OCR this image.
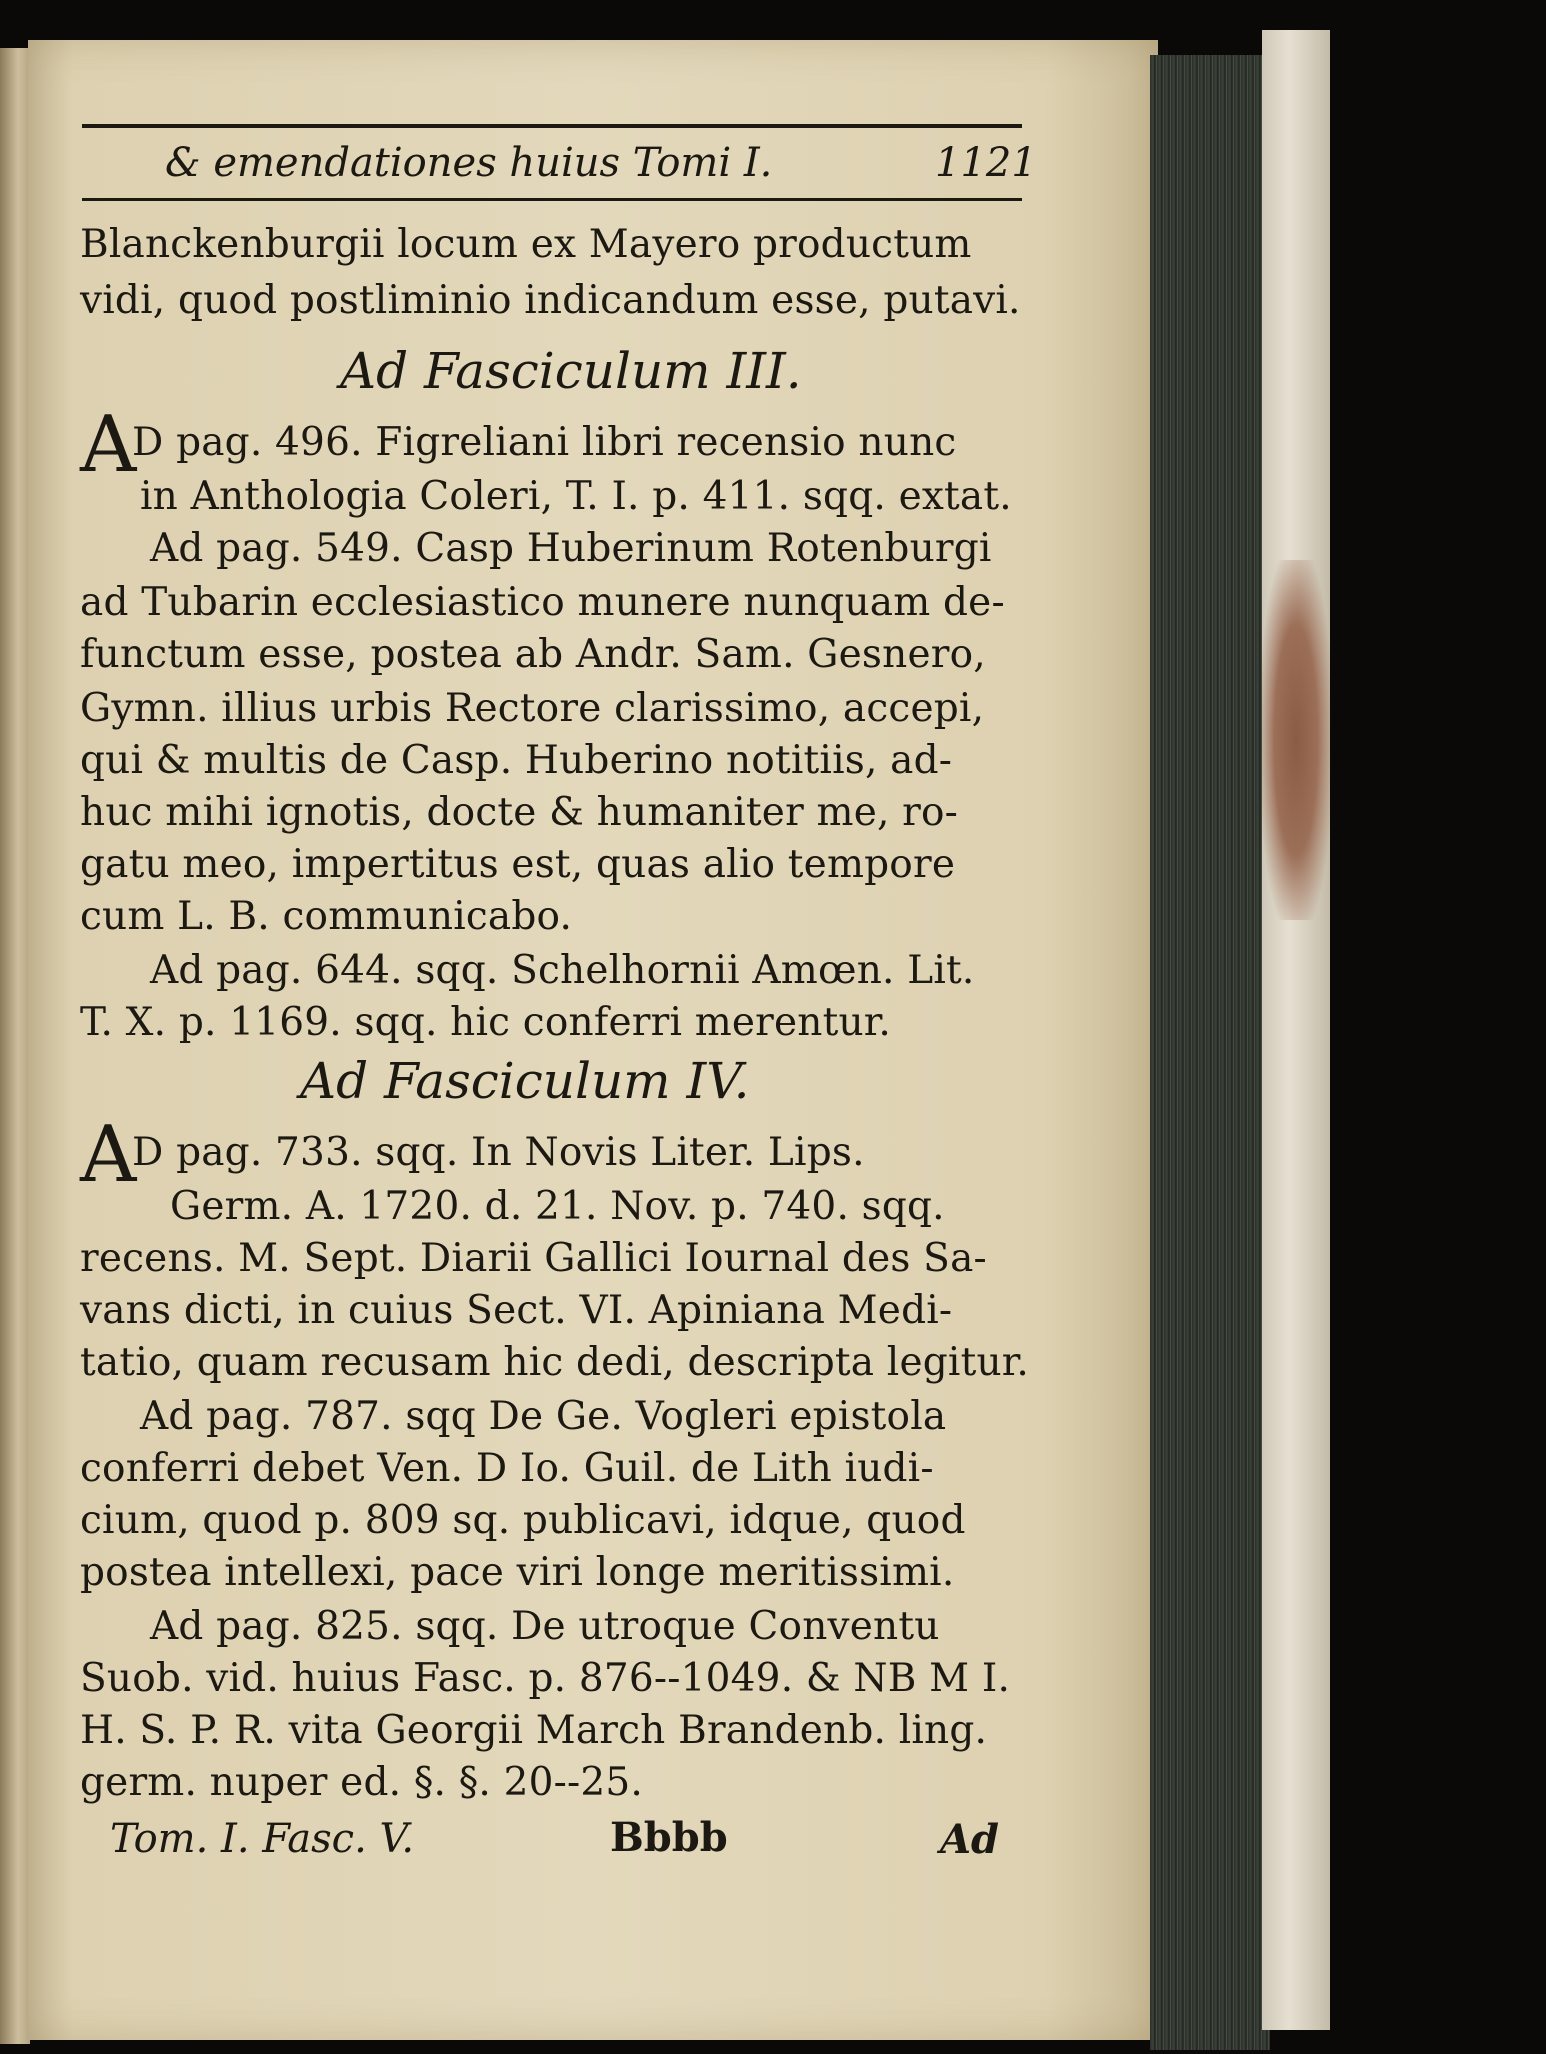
& emendationes huius Tomi I.	1121
Blanckenburgii locum ex Mayero productum
vidi, quod postliminio indicandum esse, putavi.
Ad Fasciculum III.
A
D pag. 496. Figreliani libri recensio nunc
in Anthologia Coleri, T. I. p. 411. sqq. extat.
Ad pag. 549. Casp Huberinum Rotenburgi
ad Tubarin ecclesiastico munere nunquam de-
functum esse, postea ab Andr. Sam. Gesnero,
Gymn. illius urbis Rectore clarissimo, accepi,
qui & multis de Casp. Huberino notitiis, ad-
huc mihi ignotis, docte & humaniter me, ro-
gatu meo, impertitus est, quas alio tempore
cum L. B. communicabo.
Ad pag. 644. sqq. Schelhornii Amœn. Lit.
T. X. p. 1169. sqq. hic conferri merentur.
Ad Fasciculum IV.
A
D pag. 733. sqq. In Novis Liter. Lips.
Germ. A. 1720. d. 21. Nov. p. 740. sqq.
recens. M. Sept. Diarii Gallici Iournal des Sa-
vans dicti, in cuius Sect. VI. Apiniana Medi-
tatio, quam recusam hic dedi, descripta legitur.
Ad pag. 787. sqq De Ge. Vogleri epistola
conferri debet Ven. D Io. Guil. de Lith iudi-
cium, quod p. 809 sq. publicavi, idque, quod
postea intellexi, pace viri longe meritissimi.
Ad pag. 825. sqq. De utroque Conventu
Suob. vid. huius Fasc. p. 876--1049. & NB M I.
H. S. P. R. vita Georgii March Brandenb. ling.
germ. nuper ed. §. §. 20--25.
Tom. I. Fasc. V.	Bbbb	Ad
